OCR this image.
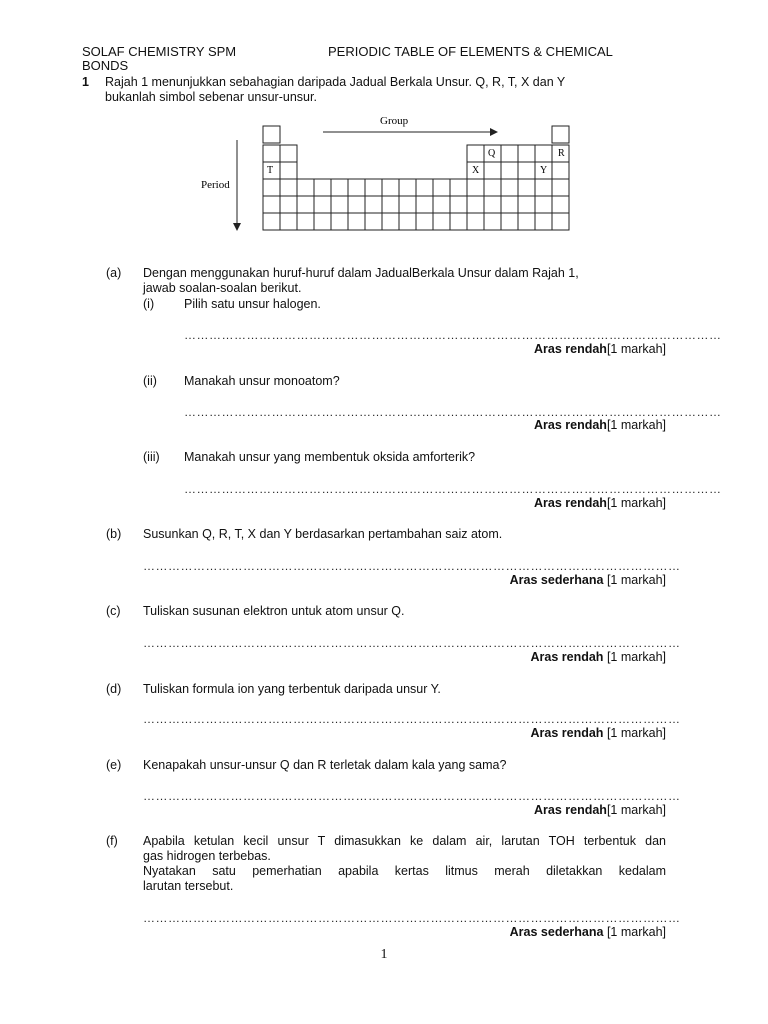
SOLAF CHEMISTRY SPM	PERIODIC TABLE OF ELEMENTS & CHEMICAL
BONDS
1 Rajah 1 menunjukkan sebahagian daripada Jadual Berkala Unsur. Q, R, T, X dan Y
bukanlah simbol sebenar unsur-unsur.
Group
Period
T
Q	R
X	Y
(a) Dengan menggunakan huruf-huruf dalam JadualBerkala Unsur dalam Rajah 1,
jawab soalan-soalan berikut.
(i) Pilih satu unsur halogen.
…………………………………………………………………………………………………………………
Aras rendah[1 markah]
(ii) Manakah unsur monoatom?
…………………………………………………………………………………………………………………
Aras rendah[1 markah]
(iii) Manakah unsur yang membentuk oksida amforterik?
…………………………………………………………………………………………………………………
Aras rendah[1 markah]
(b) Susunkan Q, R, T, X dan Y berdasarkan pertambahan saiz atom.
…………………………………………………………………………………………………………………
Aras sederhana [1 markah]
(c) Tuliskan susunan elektron untuk atom unsur Q.
…………………………………………………………………………………………………………………
Aras rendah [1 markah]
(d) Tuliskan formula ion yang terbentuk daripada unsur Y.
…………………………………………………………………………………………………………………
Aras rendah [1 markah]
(e) Kenapakah unsur-unsur Q dan R terletak dalam kala yang sama?
…………………………………………………………………………………………………………………
Aras rendah[1 markah]
(f) Apabila ketulan kecil unsur T dimasukkan ke dalam air, larutan TOH terbentuk dan
gas hidrogen terbebas.
Nyatakan satu pemerhatian apabila kertas litmus merah diletakkan kedalam
larutan tersebut.
…………………………………………………………………………………………………………………
Aras sederhana [1 markah]
1
